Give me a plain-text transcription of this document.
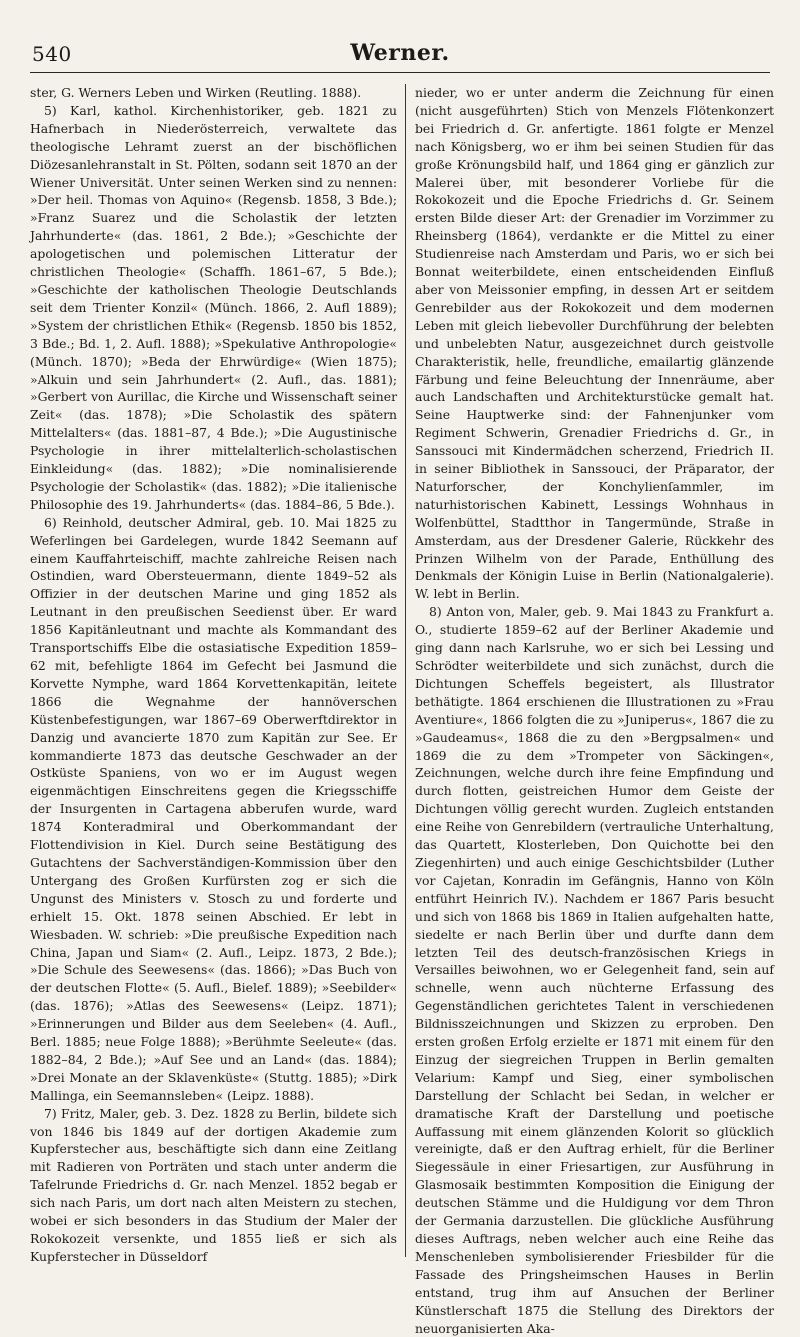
540	Werner.

ster, G. Werners Leben und Wirken (Reutling. 1888).

5) Karl, kathol. Kirchenhistoriker, geb. 1821 zu Hafnerbach in Niederösterreich, verwaltete das theologische Lehramt zuerst an der bischöflichen Diözesanlehranstalt in St. Pölten, sodann seit 1870 an der Wiener Universität. Unter seinen Werken sind zu nennen: »Der heil. Thomas von Aquino« (Regensb. 1858, 3 Bde.); »Franz Suarez und die Scholastik der letzten Jahrhunderte« (das. 1861, 2 Bde.); »Geschichte der apologetischen und polemischen Litteratur der christlichen Theologie« (Schaffh. 1861–67, 5 Bde.); »Geschichte der katholischen Theologie Deutschlands seit dem Trienter Konzil« (Münch. 1866, 2. Aufl 1889); »System der christlichen Ethik« (Regensb. 1850 bis 1852, 3 Bde.; Bd. 1, 2. Aufl. 1888); »Spekulative Anthropologie« (Münch. 1870); »Beda der Ehrwürdige« (Wien 1875); »Alkuin und sein Jahrhundert« (2. Aufl., das. 1881); »Gerbert von Aurillac, die Kirche und Wissenschaft seiner Zeit« (das. 1878); »Die Scholastik des spätern Mittelalters« (das. 1881–87, 4 Bde.); »Die Augustinische Psychologie in ihrer mittelalterlich-scholastischen Einkleidung« (das. 1882); »Die nominalisierende Psychologie der Scholastik« (das. 1882); »Die italienische Philosophie des 19. Jahrhunderts« (das. 1884–86, 5 Bde.).

6) Reinhold, deutscher Admiral, geb. 10. Mai 1825 zu Weferlingen bei Gardelegen, wurde 1842 Seemann auf einem Kauffahrteischiff, machte zahlreiche Reisen nach Ostindien, ward Obersteuermann, diente 1849–52 als Offizier in der deutschen Marine und ging 1852 als Leutnant in den preußischen Seedienst über. Er ward 1856 Kapitänleutnant und machte als Kommandant des Transportschiffs Elbe die ostasiatische Expedition 1859–62 mit, befehligte 1864 im Gefecht bei Jasmund die Korvette Nymphe, ward 1864 Korvettenkapitän, leitete 1866 die Wegnahme der hannöverschen Küstenbefestigungen, war 1867–69 Oberwerftdirektor in Danzig und avancierte 1870 zum Kapitän zur See. Er kommandierte 1873 das deutsche Geschwader an der Ostküste Spaniens, von wo er im August wegen eigenmächtigen Einschreitens gegen die Kriegsschiffe der Insurgenten in Cartagena abberufen wurde, ward 1874 Konteradmiral und Oberkommandant der Flottendivision in Kiel. Durch seine Bestätigung des Gutachtens der Sachverständigen-Kommission über den Untergang des Großen Kurfürsten zog er sich die Ungunst des Ministers v. Stosch zu und forderte und erhielt 15. Okt. 1878 seinen Abschied. Er lebt in Wiesbaden. W. schrieb: »Die preußische Expedition nach China, Japan und Siam« (2. Aufl., Leipz. 1873, 2 Bde.); »Die Schule des Seewesens« (das. 1866); »Das Buch von der deutschen Flotte« (5. Aufl., Bielef. 1889); »Seebilder« (das. 1876); »Atlas des Seewesens« (Leipz. 1871); »Erinnerungen und Bilder aus dem Seeleben« (4. Aufl., Berl. 1885; neue Folge 1888); »Berühmte Seeleute« (das. 1882–84, 2 Bde.); »Auf See und an Land« (das. 1884); »Drei Monate an der Sklavenküste« (Stuttg. 1885); »Dirk Mallinga, ein Seemannsleben« (Leipz. 1888).

7) Fritz, Maler, geb. 3. Dez. 1828 zu Berlin, bildete sich von 1846 bis 1849 auf der dortigen Akademie zum Kupferstecher aus, beschäftigte sich dann eine Zeitlang mit Radieren von Porträten und stach unter anderm die Tafelrunde Friedrichs d. Gr. nach Menzel. 1852 begab er sich nach Paris, um dort nach alten Meistern zu stechen, wobei er sich besonders in das Studium der Maler der Rokokozeit versenkte, und 1855 ließ er sich als Kupferstecher in Düsseldorf

nieder, wo er unter anderm die Zeichnung für einen (nicht ausgeführten) Stich von Menzels Flötenkonzert bei Friedrich d. Gr. anfertigte. 1861 folgte er Menzel nach Königsberg, wo er ihm bei seinen Studien für das große Krönungsbild half, und 1864 ging er gänzlich zur Malerei über, mit besonderer Vorliebe für die Rokokozeit und die Epoche Friedrichs d. Gr. Seinem ersten Bilde dieser Art: der Grenadier im Vorzimmer zu Rheinsberg (1864), verdankte er die Mittel zu einer Studienreise nach Amsterdam und Paris, wo er sich bei Bonnat weiterbildete, einen entscheidenden Einfluß aber von Meissonier empfing, in dessen Art er seitdem Genrebilder aus der Rokokozeit und dem modernen Leben mit gleich liebevoller Durchführung der belebten und unbelebten Natur, ausgezeichnet durch geistvolle Charakteristik, helle, freundliche, emailartig glänzende Färbung und feine Beleuchtung der Innenräume, aber auch Landschaften und Architekturstücke gemalt hat. Seine Hauptwerke sind: der Fahnenjunker vom Regiment Schwerin, Grenadier Friedrichs d. Gr., in Sanssouci mit Kindermädchen scherzend, Friedrich II. in seiner Bibliothek in Sanssouci, der Präparator, der Naturforscher, der Konchylienſammler, im naturhistorischen Kabinett, Lessings Wohnhaus in Wolfenbüttel, Stadtthor in Tangermünde, Straße in Amsterdam, aus der Dresdener Galerie, Rückkehr des Prinzen Wilhelm von der Parade, Enthüllung des Denkmals der Königin Luise in Berlin (Nationalgalerie). W. lebt in Berlin.

8) Anton von, Maler, geb. 9. Mai 1843 zu Frankfurt a. O., studierte 1859–62 auf der Berliner Akademie und ging dann nach Karlsruhe, wo er sich bei Lessing und Schrödter weiterbildete und sich zunächst, durch die Dichtungen Scheffels begeistert, als Illustrator bethätigte. 1864 erschienen die Illustrationen zu »Frau Aventiure«, 1866 folgten die zu »Juniperus«, 1867 die zu »Gaudeamus«, 1868 die zu den »Bergpsalmen« und 1869 die zu dem »Trompeter von Säckingen«, Zeichnungen, welche durch ihre feine Empfindung und durch flotten, geistreichen Humor dem Geiste der Dichtungen völlig gerecht wurden. Zugleich entstanden eine Reihe von Genrebildern (vertrauliche Unterhaltung, das Quartett, Klosterleben, Don Quichotte bei den Ziegenhirten) und auch einige Geschichtsbilder (Luther vor Cajetan, Konradin im Gefängnis, Hanno von Köln entführt Heinrich IV.). Nachdem er 1867 Paris besucht und sich von 1868 bis 1869 in Italien aufgehalten hatte, siedelte er nach Berlin über und durfte dann dem letzten Teil des deutsch-französischen Kriegs in Versailles beiwohnen, wo er Gelegenheit fand, sein auf schnelle, wenn auch nüchterne Erfassung des Gegenständlichen gerichtetes Talent in verschiedenen Bildnisszeichnungen und Skizzen zu erproben. Den ersten großen Erfolg erzielte er 1871 mit einem für den Einzug der siegreichen Truppen in Berlin gemalten Velarium: Kampf und Sieg, einer symbolischen Darstellung der Schlacht bei Sedan, in welcher er dramatische Kraft der Darstellung und poetische Auffassung mit einem glänzenden Kolorit so glücklich vereinigte, daß er den Auftrag erhielt, für die Berliner Siegessäule in einer Friesartigen, zur Ausführung in Glasmosaik bestimmten Komposition die Einigung der deutschen Stämme und die Huldigung vor dem Thron der Germania darzustellen. Die glückliche Ausführung dieses Auftrags, neben welcher auch eine Reihe das Menschenleben symbolisierender Friesbilder für die Fassade des Pringsheimschen Hauses in Berlin entstand, trug ihm auf Ansuchen der Berliner Künstlerschaft 1875 die Stellung des Direktors der neuorganisierten Aka-
